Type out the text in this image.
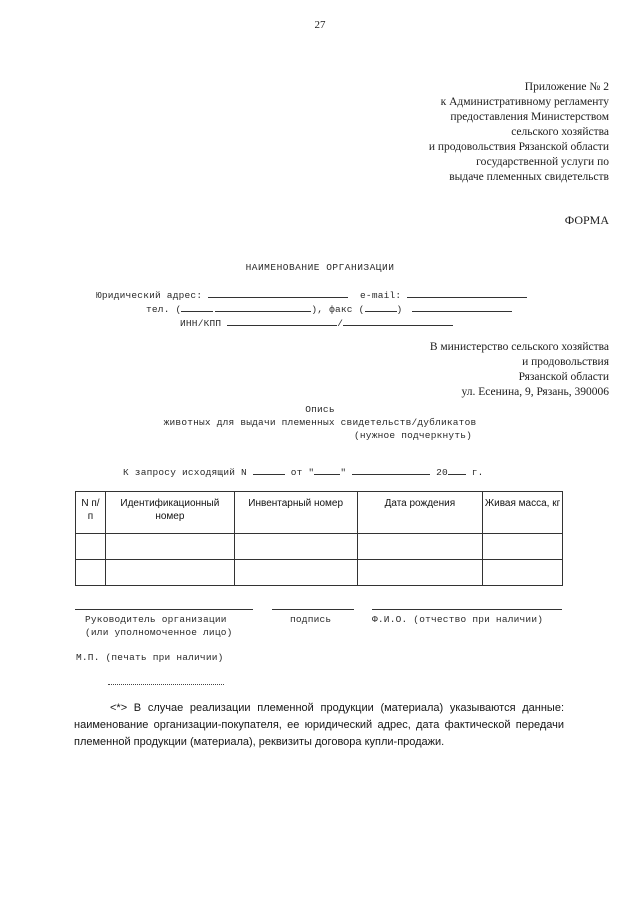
27
Приложение № 2
к Административному регламенту
предоставления Министерством
сельского хозяйства
и продовольствия Рязанской области
государственной услуги по
выдаче племенных свидетельств
ФОРМА
НАИМЕНОВАНИЕ ОРГАНИЗАЦИИ
Юридический адрес:	e-mail:
тел. (	), факс (	)
ИНН/КПП	/
В министерство сельского хозяйства
и продовольствия
Рязанской области
ул. Есенина, 9, Рязань, 390006
Опись
животных для выдачи племенных свидетельств/дубликатов
(нужное подчеркнуть)
К запросу исходящий N	от "	"	20	г.
N п/п	Идентификационный номер	Инвентарный номер	Дата рождения	Живая масса, кг

Руководитель организации
(или уполномоченное лицо)
подпись	Ф.И.О. (отчество при наличии)
М.П. (печать при наличии)
<*> В случае реализации племенной продукции (материала) указываются данные: наименование организации-покупателя, ее юридический адрес, дата фактической передачи племенной продукции (материала), реквизиты договора купли-продажи.
